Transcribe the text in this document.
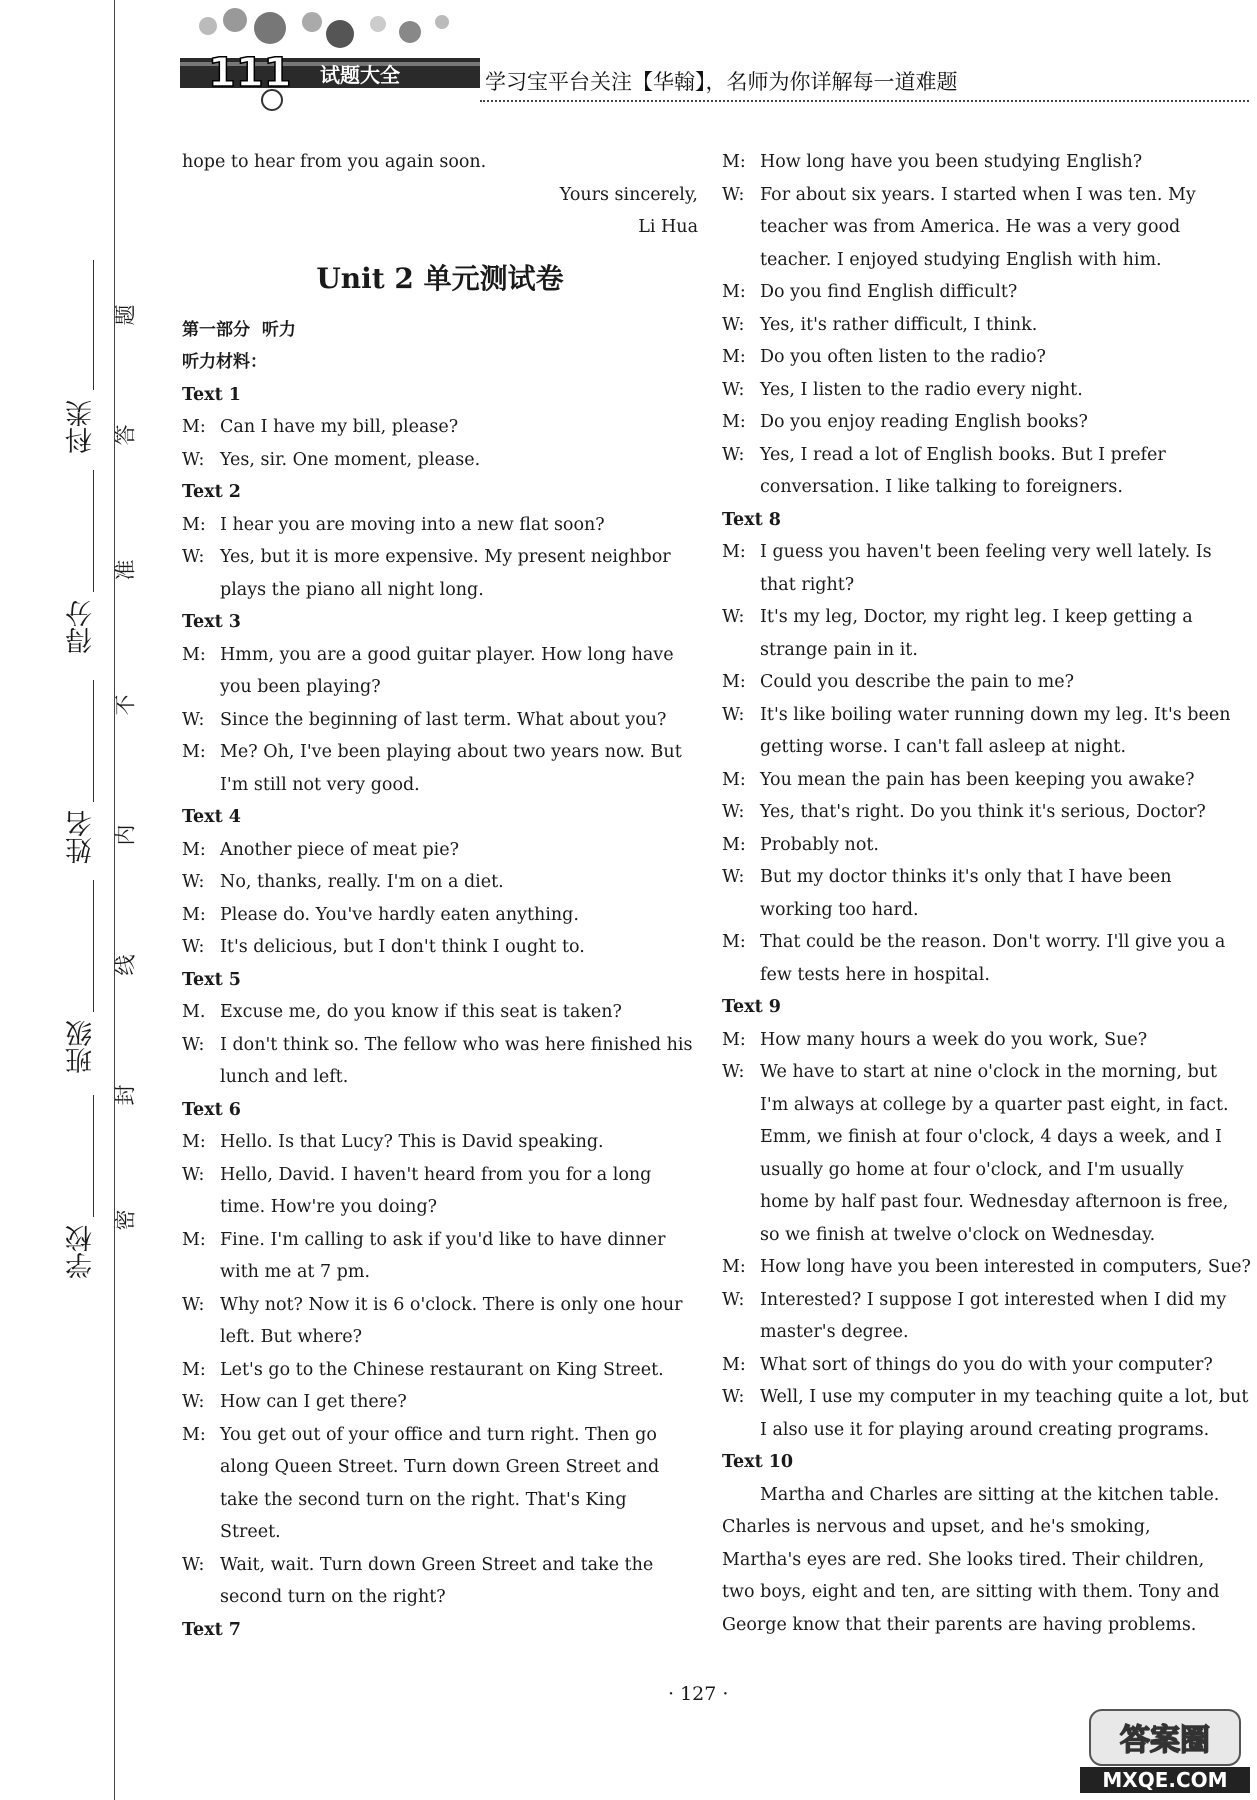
111 试题大全	学习宝平台关注【华翰】，名师为你详解每一道难题
科类
得分
姓名
班级
学校
题
答
准
不
内
线
封
密
hope to hear from you again soon.
Yours sincerely,
Li Hua
Unit 2 单元测试卷
第一部分  听力
听力材料：
Text 1
M: Can I have my bill, please?
W: Yes, sir. One moment, please.
Text 2
M: I hear you are moving into a new flat soon?
W: Yes, but it is more expensive. My present neighbor
plays the piano all night long.
Text 3
M: Hmm, you are a good guitar player. How long have
you been playing?
W: Since the beginning of last term. What about you?
M: Me? Oh, I've been playing about two years now. But
I'm still not very good.
Text 4
M: Another piece of meat pie?
W: No, thanks, really. I'm on a diet.
M: Please do. You've hardly eaten anything.
W: It's delicious, but I don't think I ought to.
Text 5
M. Excuse me, do you know if this seat is taken?
W: I don't think so. The fellow who was here finished his
lunch and left.
Text 6
M: Hello. Is that Lucy? This is David speaking.
W: Hello, David. I haven't heard from you for a long
time. How're you doing?
M: Fine. I'm calling to ask if you'd like to have dinner
with me at 7 pm.
W: Why not? Now it is 6 o'clock. There is only one hour
left. But where?
M: Let's go to the Chinese restaurant on King Street.
W: How can I get there?
M: You get out of your office and turn right. Then go
along Queen Street. Turn down Green Street and
take the second turn on the right. That's King
Street.
W: Wait, wait. Turn down Green Street and take the
second turn on the right?
Text 7
M: How long have you been studying English?
W: For about six years. I started when I was ten. My
teacher was from America. He was a very good
teacher. I enjoyed studying English with him.
M: Do you find English difficult?
W: Yes, it's rather difficult, I think.
M: Do you often listen to the radio?
W: Yes, I listen to the radio every night.
M: Do you enjoy reading English books?
W: Yes, I read a lot of English books. But I prefer
conversation. I like talking to foreigners.
Text 8
M: I guess you haven't been feeling very well lately. Is
that right?
W: It's my leg, Doctor, my right leg. I keep getting a
strange pain in it.
M: Could you describe the pain to me?
W: It's like boiling water running down my leg. It's been
getting worse. I can't fall asleep at night.
M: You mean the pain has been keeping you awake?
W: Yes, that's right. Do you think it's serious, Doctor?
M: Probably not.
W: But my doctor thinks it's only that I have been
working too hard.
M: That could be the reason. Don't worry. I'll give you a
few tests here in hospital.
Text 9
M: How many hours a week do you work, Sue?
W: We have to start at nine o'clock in the morning, but
I'm always at college by a quarter past eight, in fact.
Emm, we finish at four o'clock, 4 days a week, and I
usually go home at four o'clock, and I'm usually
home by half past four. Wednesday afternoon is free,
so we finish at twelve o'clock on Wednesday.
M: How long have you been interested in computers, Sue?
W: Interested? I suppose I got interested when I did my
master's degree.
M: What sort of things do you do with your computer?
W: Well, I use my computer in my teaching quite a lot, but
I also use it for playing around creating programs.
Text 10
Martha and Charles are sitting at the kitchen table.
Charles is nervous and upset, and he's smoking,
Martha's eyes are red. She looks tired. Their children,
two boys, eight and ten, are sitting with them. Tony and
George know that their parents are having problems.
· 127 ·
答案圈
MXQE.COM
